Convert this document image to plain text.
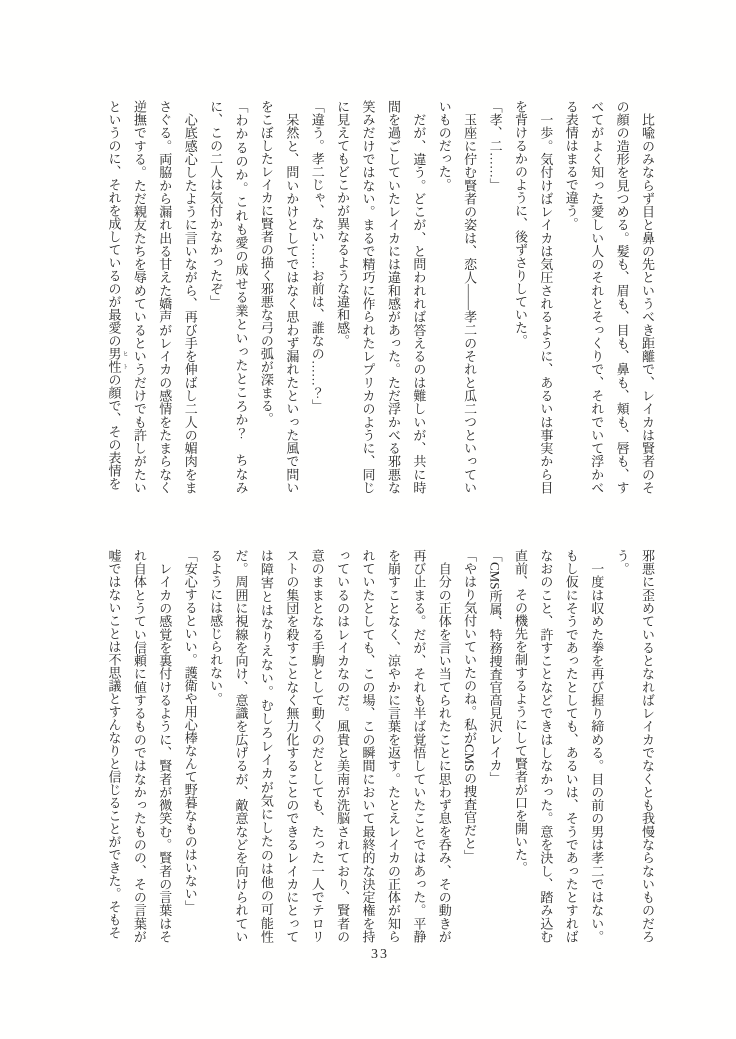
　比喩のみならず目と鼻の先というべき距離で、レイカは賢者のその顔の造形を見つめる。髪も、眉も、目も、鼻も、頬も、唇も、すべてがよく知った愛しい人のそれとそっくりで、それでいて浮かべる表情はまるで違う。

　一歩。気付けばレイカは気圧されるように、あるいは事実から目を背けるかのように、後ずさりしていた。

「孝、二……」

　玉座に佇む賢者の姿は、恋人——孝二のそれと瓜二つといっていいものだった。

　だが、違う。どこが、と問われれば答えるのは難しいが、共に時間を過ごしていたレイカには違和感があった。ただ浮かべる邪悪な笑みだけではない。まるで精巧に作られたレプリカのように、同じに見えてもどこかが異なるような違和感。

「違う。孝二じゃ、ない……お前は、誰なの……？」

　呆然と、問いかけとしてではなく思わず漏れたといった風で問いをこぼしたレイカに賢者の描く邪悪な弓の弧が深まる。

「わかるのか。これも愛の成せる業といったところか？　ちなみに、この二人は気付かなかったぞ」

　心底感心したように言いながら、再び手を伸ばし二人の媚肉をまさぐる。両脇から漏れ出る甘えた嬌声がレイカの感情をたまらなく逆撫でする。ただ親友たちを辱めているというだけでも許しがたいというのに、それを成しているのが最愛の男性 ヒトの顔で、その表情を

邪悪に歪めているとなればレイカでなくとも我慢ならないものだろう。

　一度は収めた拳を再び握り締める。目の前の男は孝二ではない。もし仮にそうであったとしても、あるいは、そうであったとすればなおのこと、許すことなどできはしなかった。意を決し、踏み込む直前、その機先を制するようにして賢者が口を開いた。

「CMS所属、特務捜査官高見沢レイカ」

「やはり気付いていたのね。私がCMSの捜査官だと」

　自分の正体を言い当てられたことに思わず息を呑み、その動きが再び止まる。だが、それも半ば覚悟していたことではあった。平静を崩すことなく、涼やかに言葉を返す。たとえレイカの正体が知られていたとしても、この場、この瞬間において最終的な決定権を持っているのはレイカなのだ。風貴と美南が洗脳されており、賢者の意のままとなる手駒として動くのだとしても、たった一人でテロリストの集団を殺すことなく無力化することのできるレイカにとっては障害とはなりえない。むしろレイカが気にしたのは他の可能性だ。周囲に視線を向け、意識を広げるが、敵意などを向けられているようには感じられない。

「安心するといい。護衛や用心棒なんて野暮なものはいない」

　レイカの感覚を裏付けるように、賢者が微笑む。賢者の言葉はそれ自体とうてい信頼に値するものではなかったものの、その言葉が嘘ではないことは不思議とすんなりと信じることができた。そもそ

33
